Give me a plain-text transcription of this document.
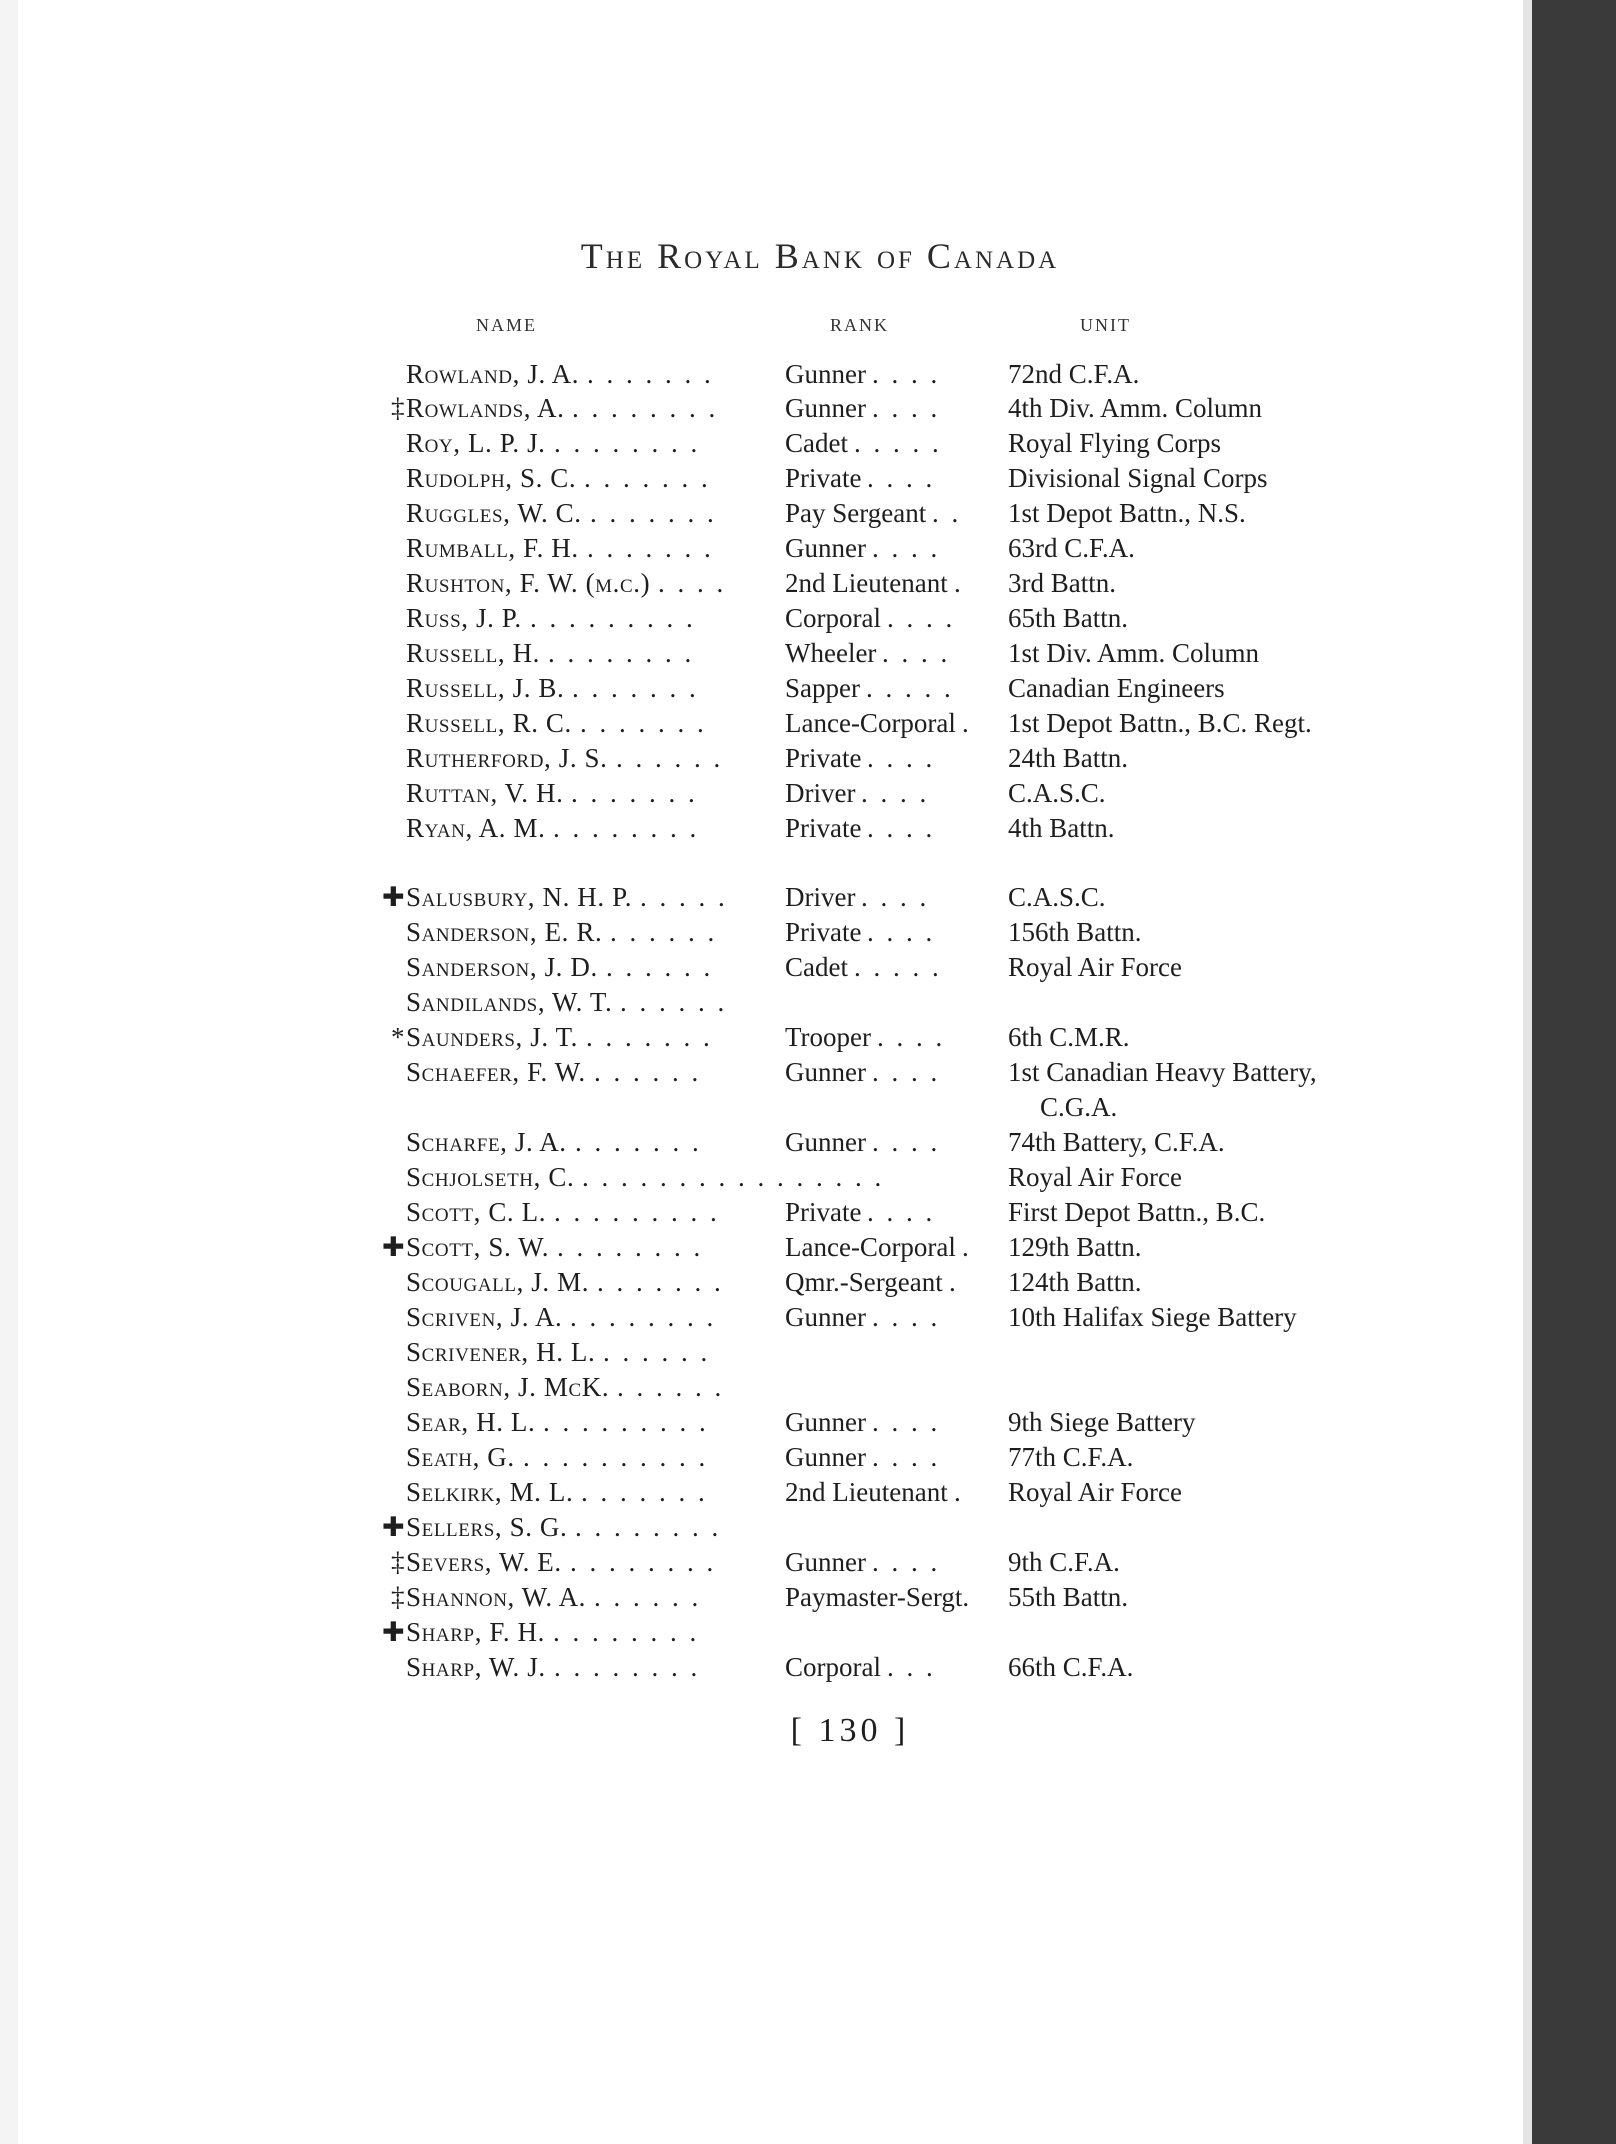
The Royal Bank of Canada
NAME	RANK	UNIT
Rowland, J. A. . . . . . . .	Gunner . . . .	72nd C.F.A.
‡ Rowlands, A. . . . . . . . . Gunner . . . .	4th Div. Amm. Column
Roy, L. P. J. . . . . . . . .	Cadet . . . . . Royal Flying Corps
Rudolph, S. C. . . . . . . .	Private . . . .	Divisional Signal Corps
Ruggles, W. C. . . . . . . .	Pay Sergeant . . 1st Depot Battn., N.S.
Rumball, F. H. . . . . . . .	Gunner . . . .	63rd C.F.A.
Rushton, F. W. (m.c.) . . . . 2nd Lieutenant . 3rd Battn.
Russ, J. P. . . . . . . . . .	Corporal . . . . 65th Battn.
Russell, H. . . . . . . . .	Wheeler . . . . 1st Div. Amm. Column
Russell, J. B. . . . . . . .	Sapper . . . . . Canadian Engineers
Russell, R. C. . . . . . . .	Lance-Corporal . 1st Depot Battn., B.C. Regt.
Rutherford, J. S. . . . . . . Private . . . .	24th Battn.
Ruttan, V. H. . . . . . . .	Driver . . . .	C.A.S.C.
Ryan, A. M. . . . . . . . .	Private . . . .	4th Battn.
✚ Salusbury, N. H. P. . . . . . Driver . . . .	C.A.S.C.
Sanderson, E. R. . . . . . .	Private . . . .	156th Battn.
Sanderson, J. D. . . . . . .	Cadet . . . . . Royal Air Force
Sandilands, W. T. . . . . . .
* Saunders, J. T. . . . . . . .	Trooper . . . . 6th C.M.R.
Schaefer, F. W. . . . . . .	Gunner . . . .	1st Canadian Heavy Battery,
C.G.A.
Scharfe, J. A. . . . . . . .	Gunner . . . .	74th Battery, C.F.A.
Schjolseth, C. . . . . . . . . . . . . . . . .	Royal Air Force
Scott, C. L. . . . . . . . . . Private . . . .	First Depot Battn., B.C.
✚ Scott, S. W. . . . . . . . .	Lance-Corporal . 129th Battn.
Scougall, J. M. . . . . . . . Qmr.-Sergeant . 124th Battn.
Scriven, J. A. . . . . . . . .	Gunner . . . .	10th Halifax Siege Battery
Scrivener, H. L. . . . . . .
Seaborn, J. McK. . . . . . .
Sear, H. L. . . . . . . . . .	Gunner . . . .	9th Siege Battery
Seath, G. . . . . . . . . . .	Gunner . . . .	77th C.F.A.
Selkirk, M. L. . . . . . . .	2nd Lieutenant . Royal Air Force
✚ Sellers, S. G. . . . . . . . .
‡ Severs, W. E. . . . . . . . .	Gunner . . . .	9th C.F.A.
‡ Shannon, W. A. . . . . . .	Paymaster-Sergt. 55th Battn.
✚ Sharp, F. H. . . . . . . . .
Sharp, W. J. . . . . . . . .	Corporal . . .	66th C.F.A.
[ 130 ]
